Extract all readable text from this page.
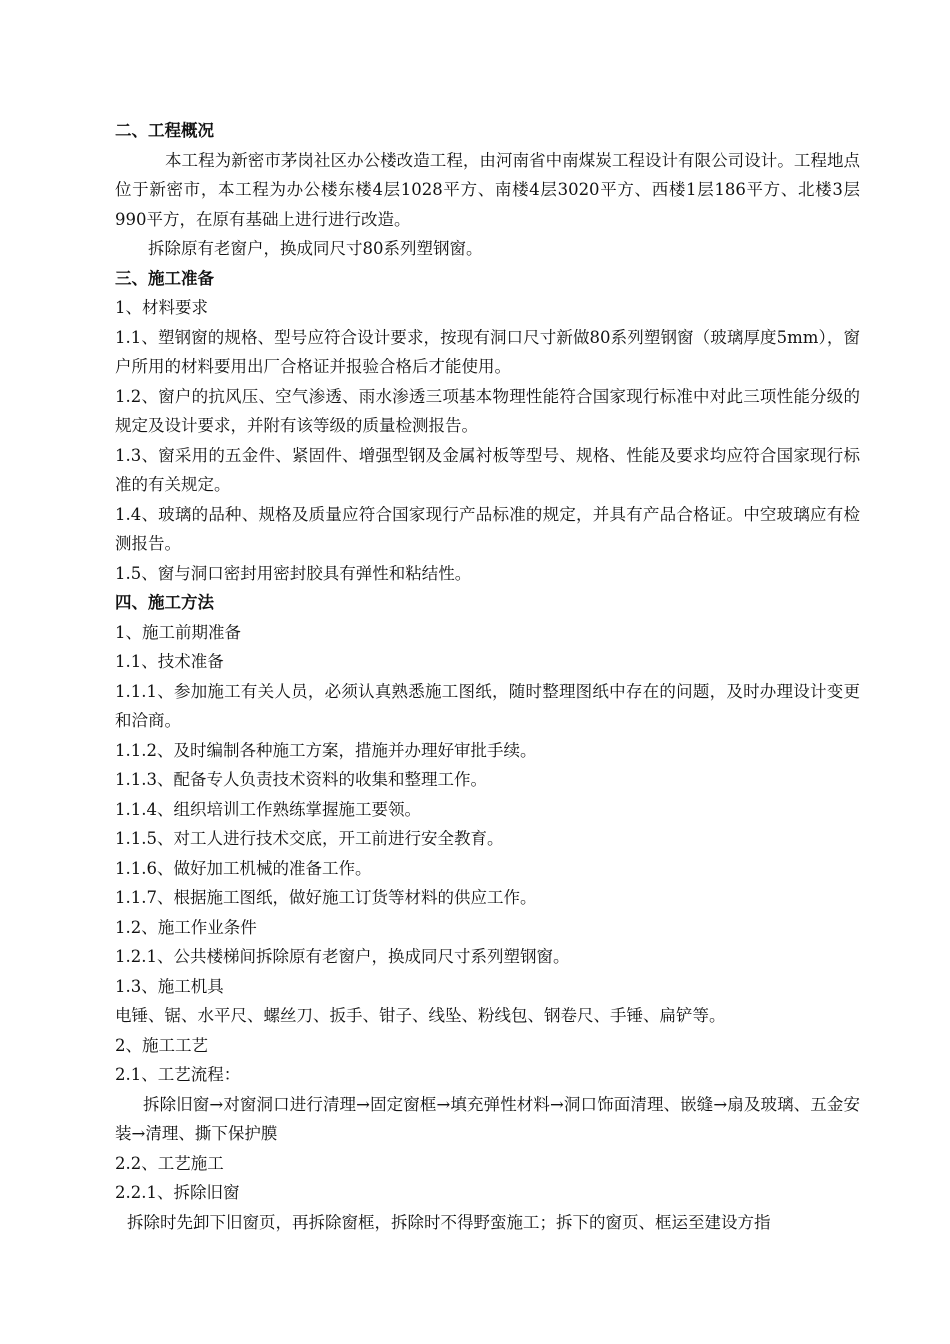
二、工程概况

本工程为新密市茅岗社区办公楼改造工程，由河南省中南煤炭工程设计有限公司设计。工程地点位于新密市，本工程为办公楼东楼4层1028平方、南楼4层3020平方、西楼1层186平方、北楼3层990平方，在原有基础上进行进行改造。

拆除原有老窗户，换成同尺寸80系列塑钢窗。
三、施工准备
1、材料要求

1.1、塑钢窗的规格、型号应符合设计要求，按现有洞口尺寸新做80系列塑钢窗（玻璃厚度5mm），窗户所用的材料要用出厂合格证并报验合格后才能使用。

1.2、窗户的抗风压、空气渗透、雨水渗透三项基本物理性能符合国家现行标准中对此三项性能分级的规定及设计要求，并附有该等级的质量检测报告。

1.3、窗采用的五金件、紧固件、增强型钢及金属衬板等型号、规格、性能及要求均应符合国家现行标准的有关规定。

1.4、玻璃的品种、规格及质量应符合国家现行产品标准的规定，并具有产品合格证。中空玻璃应有检测报告。

1.5、窗与洞口密封用密封胶具有弹性和粘结性。
四、施工方法
1、施工前期准备
1.1、技术准备

1.1.1、参加施工有关人员，必须认真熟悉施工图纸，随时整理图纸中存在的问题，及时办理设计变更和洽商。

1.1.2、及时编制各种施工方案，措施并办理好审批手续。
1.1.3、配备专人负责技术资料的收集和整理工作。
1.1.4、组织培训工作熟练掌握施工要领。
1.1.5、对工人进行技术交底，开工前进行安全教育。
1.1.6、做好加工机械的准备工作。
1.1.7、根据施工图纸，做好施工订货等材料的供应工作。
1.2、施工作业条件
1.2.1、公共楼梯间拆除原有老窗户，换成同尺寸系列塑钢窗。
1.3、施工机具
电锤、锯、水平尺、螺丝刀、扳手、钳子、线坠、粉线包、钢卷尺、手锤、扁铲等。
2、施工工艺
2.1、工艺流程：

拆除旧窗→对窗洞口进行清理→固定窗框→填充弹性材料→洞口饰面清理、嵌缝→扇及玻璃、五金安装→清理、撕下保护膜

2.2、工艺施工
2.2.1、拆除旧窗
拆除时先卸下旧窗页，再拆除窗框，拆除时不得野蛮施工；拆下的窗页、框运至建设方指
